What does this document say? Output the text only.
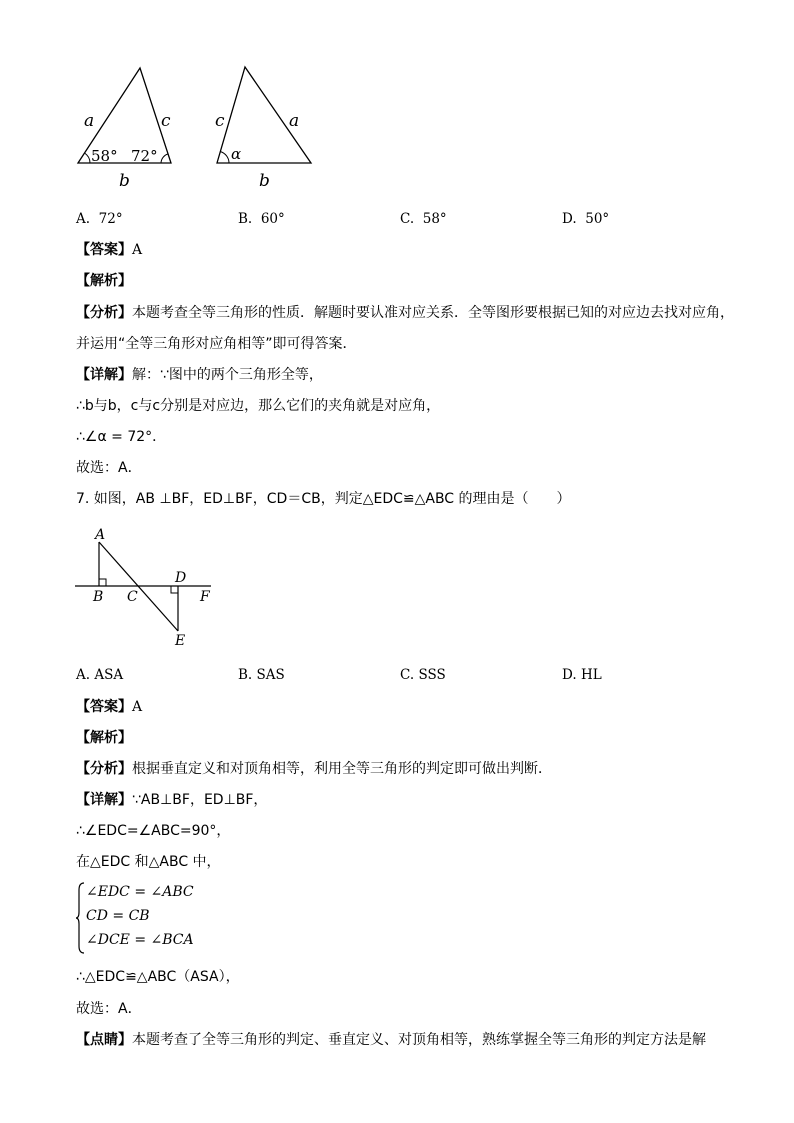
a	c
58° 72°
b
c	a
α
b
A. 72°	B. 60°	C. 58°	D. 50°
【答案】A
【解析】
【分析】本题考查全等三角形的性质．解题时要认准对应关系．全等图形要根据已知的对应边去找对应角，
并运用“全等三角形对应角相等”即可得答案．
【详解】解：∵图中的两个三角形全等，
∴b与b，c与c分别是对应边，那么它们的夹角就是对应角，
∴∠α = 72°．
故选：A．
7. 如图，AB ⊥BF，ED⊥BF，CD＝CB，判定△EDC≌△ABC 的理由是（　　）
A
B C
D
F
E
A. ASA	B. SAS	C. SSS	D. HL
【答案】A
【解析】
【分析】根据垂直定义和对顶角相等，利用全等三角形的判定即可做出判断．
【详解】∵AB⊥BF，ED⊥BF，
∴∠EDC=∠ABC=90°，
在△EDC 和△ABC 中，
∠EDC = ∠ABC
CD = CB
∠DCE = ∠BCA
∴△EDC≌△ABC（ASA），
故选：A．
【点睛】本题考查了全等三角形的判定、垂直定义、对顶角相等，熟练掌握全等三角形的判定方法是解
